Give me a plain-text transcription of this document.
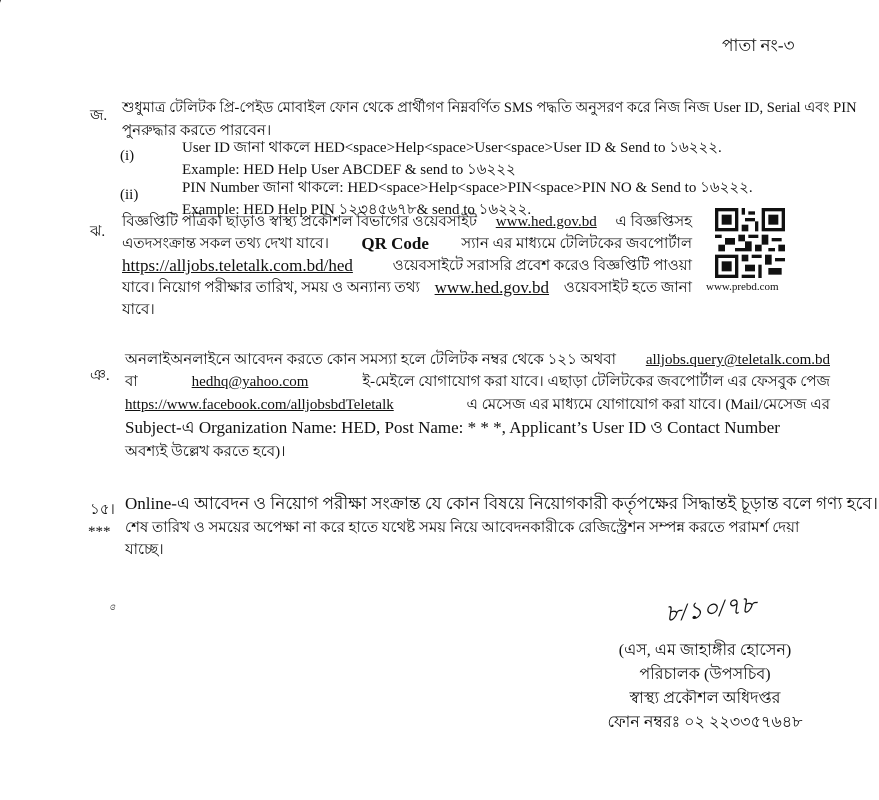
পাতা নং-৩
জ. শুধুমাত্র টেলিটক প্রি-পেইড মোবাইল ফোন থেকে প্রার্থীগণ নিম্নবর্ণিত SMS পদ্ধতি অনুসরণ করে নিজ নিজ User ID, Serial এবং PIN
পুনরুদ্ধার করতে পারবেন।
(i)	User ID জানা থাকলে HED<space>Help<space>User<space>User ID & Send to ১৬২২২.
Example: HED Help User ABCDEF & send to ১৬২২২
(ii)	PIN Number জানা থাকলে: HED<space>Help<space>PIN<space>PIN NO & Send to ১৬২২২.
Example: HED Help PIN ১২৩৪৫৬৭৮& send to ১৬২২২.
ঝ.
বিজ্ঞপ্তিটি পত্রিকা ছাড়াও স্বাস্থ্য প্রকৌশল বিভাগের ওয়েবসাইট www.hed.gov.bd এ বিজ্ঞপ্তিসহ
এতদসংক্রান্ত সকল তথ্য দেখা যাবে। QR Code স্যান এর মাধ্যমে টেলিটকের জবপোর্টাল
https://alljobs.teletalk.com.bd/hed	ওয়েবসাইটে সরাসরি প্রবেশ করেও বিজ্ঞপ্তিটি পাওয়া
যাবে। নিয়োগ পরীক্ষার তারিখ, সময় ও অন্যান্য তথ্য www.hed.gov.bd ওয়েবসাইট হতে জানা
যাবে।
www.prebd.com
ঞ.
অনলাইঅনলাইনে আবেদন করতে কোন সমস্যা হলে টেলিটক নম্বর থেকে ১২১ অথবা alljobs.query@teletalk.com.bd
বা	hedhq@yahoo.com	ই-মেইলে যোগাযোগ করা যাবে। এছাড়া টেলিটকের জবপোর্টাল এর ফেসবুক পেজ
https://www.facebook.com/alljobsbdTeletalk	এ মেসেজ এর মাধ্যমে যোগাযোগ করা যাবে। (Mail/মেসেজ এর
Subject-এ Organization Name: HED, Post Name: * * *, Applicant’s User ID ও Contact Number
অবশ্যই উল্লেখ করতে হবে)।
১৫। Online-এ আবেদন ও নিয়োগ পরীক্ষা সংক্রান্ত যে কোন বিষয়ে নিয়োগকারী কর্তৃপক্ষের সিদ্ধান্তই চূড়ান্ত বলে গণ্য হবে।
*** শেষ তারিখ ও সময়ের অপেক্ষা না করে হাতে যথেষ্ট সময় নিয়ে আবেদনকারীকে রেজিস্ট্রেশন সম্পন্ন করতে পরামর্শ দেয়া
যাচ্ছে।
ɞ	৮/১০/৭৮
(এস, এম জাহাঙ্গীর হোসেন)
পরিচালক (উপসচিব)
স্বাস্থ্য প্রকৌশল অধিদপ্তর
ফোন নম্বরঃ ০২ ২২৩৩৫৭৬৪৮
